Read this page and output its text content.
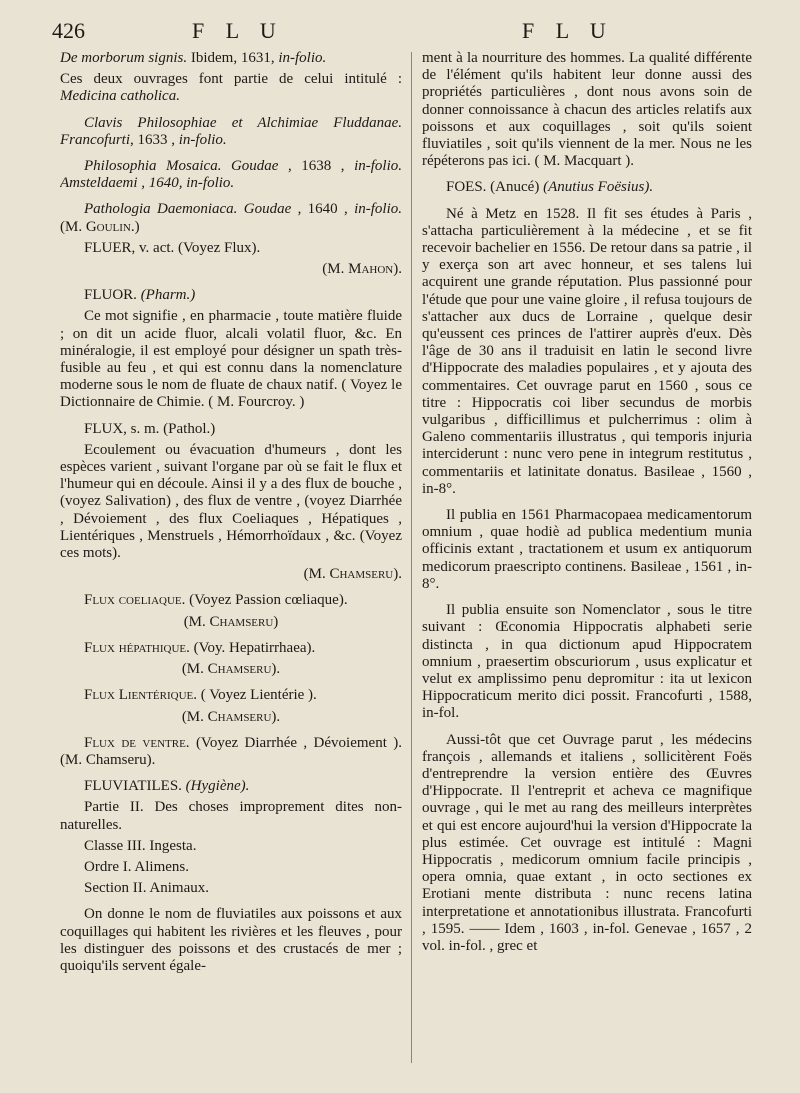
426	F L U	F L U

De morborum signis. Ibidem, 1631, in-folio.

Ces deux ouvrages font partie de celui intitulé : Medicina catholica.

Clavis Philosophiae et Alchimiae Fluddanae. Francofurti, 1633 , in-folio.

Philosophia Mosaica. Goudae , 1638 , in-folio. Amsteldaemi , 1640, in-folio.

Pathologia Daemoniaca. Goudae , 1640 , in-folio. (M. Goulin.)

FLUER, v. act. (Voyez Flux).

(M. Mahon).

FLUOR. (Pharm.)

Ce mot signifie , en pharmacie , toute matière fluide ; on dit un acide fluor, alcali volatil fluor, &c. En minéralogie, il est employé pour désigner un spath très-fusible au feu , et qui est connu dans la nomenclature moderne sous le nom de fluate de chaux natif. ( Voyez le Dictionnaire de Chimie. ( M. Fourcroy. )

FLUX, s. m. (Pathol.)

Ecoulement ou évacuation d'humeurs , dont les espèces varient , suivant l'organe par où se fait le flux et l'humeur qui en découle. Ainsi il y a des flux de bouche , (voyez Salivation) , des flux de ventre , (voyez Diarrhée , Dévoiement , des flux Coeliaques , Hépatiques , Lientériques , Menstruels , Hémorrhoïdaux , &c. (Voyez ces mots).

(M. Chamseru).

Flux coeliaque. (Voyez Passion cœliaque).

(M. Chamseru)

Flux hépathique. (Voy. Hepatirrhaea).

(M. Chamseru).

Flux Lientérique. ( Voyez Lientérie ).

(M. Chamseru).

Flux de ventre. (Voyez Diarrhée , Dévoiement ). (M. Chamseru).

FLUVIATILES. (Hygiène).

Partie II. Des choses improprement dites non-naturelles.

Classe III. Ingesta.

Ordre I. Alimens.

Section II. Animaux.

On donne le nom de fluviatiles aux poissons et aux coquillages qui habitent les rivières et les fleuves , pour les distinguer des poissons et des crustacés de mer ; quoiqu'ils servent égale-

ment à la nourriture des hommes. La qualité différente de l'élément qu'ils habitent leur donne aussi des propriétés particulières , dont nous avons soin de donner connoissance à chacun des articles relatifs aux poissons et aux coquillages , soit qu'ils soient fluviatiles , soit qu'ils viennent de la mer. Nous ne les répéterons pas ici. ( M. Macquart ).

FOES. (Anucé) (Anutius Foësius).

Né à Metz en 1528. Il fit ses études à Paris , s'attacha particulièrement à la médecine , et se fit recevoir bachelier en 1556. De retour dans sa patrie , il y exerça son art avec honneur, et ses talens lui acquirent une grande réputation. Plus passionné pour l'étude que pour une vaine gloire , il refusa toujours de s'attacher aux ducs de Lorraine , quelque desir qu'eussent ces princes de l'attirer auprès d'eux. Dès l'âge de 30 ans il traduisit en latin le second livre d'Hippocrate des maladies populaires , et y ajouta des commentaires. Cet ouvrage parut en 1560 , sous ce titre : Hippocratis coi liber secundus de morbis vulgaribus , difficillimus et pulcherrimus : olim à Galeno commentariis illustratus , qui temporis injuria interciderunt : nunc vero pene in integrum restitutus , commentariis et latinitate donatus. Basileae , 1560 , in-8°.

Il publia en 1561 Pharmacopaea medicamentorum omnium , quae hodiè ad publica medentium munia officinis extant , tractationem et usum ex antiquorum medicorum praescripto continens. Basileae , 1561 , in-8°.

Il publia ensuite son Nomenclator , sous le titre suivant : Œconomia Hippocratis alphabeti serie distincta , in qua dictionum apud Hippocratem omnium , praesertim obscuriorum , usus explicatur et velut ex amplissimo penu depromitur : ita ut lexicon Hippocraticum merito dici possit. Francofurti , 1588, in-fol.

Aussi-tôt que cet Ouvrage parut , les médecins françois , allemands et italiens , sollicitèrent Foës d'entreprendre la version entière des Œuvres d'Hippocrate. Il l'entreprit et acheva ce magnifique ouvrage , qui le met au rang des meilleurs interprètes et qui est encore aujourd'hui la version d'Hippocrate la plus estimée. Cet ouvrage est intitulé : Magni Hippocratis , medicorum omnium facile principis , opera omnia, quae extant , in octo sectiones ex Erotiani mente distributa : nunc recens latina interpretatione et annotationibus illustrata. Francofurti , 1595. —— Idem , 1603 , in-fol. Genevae , 1657 , 2 vol. in-fol. , grec et
